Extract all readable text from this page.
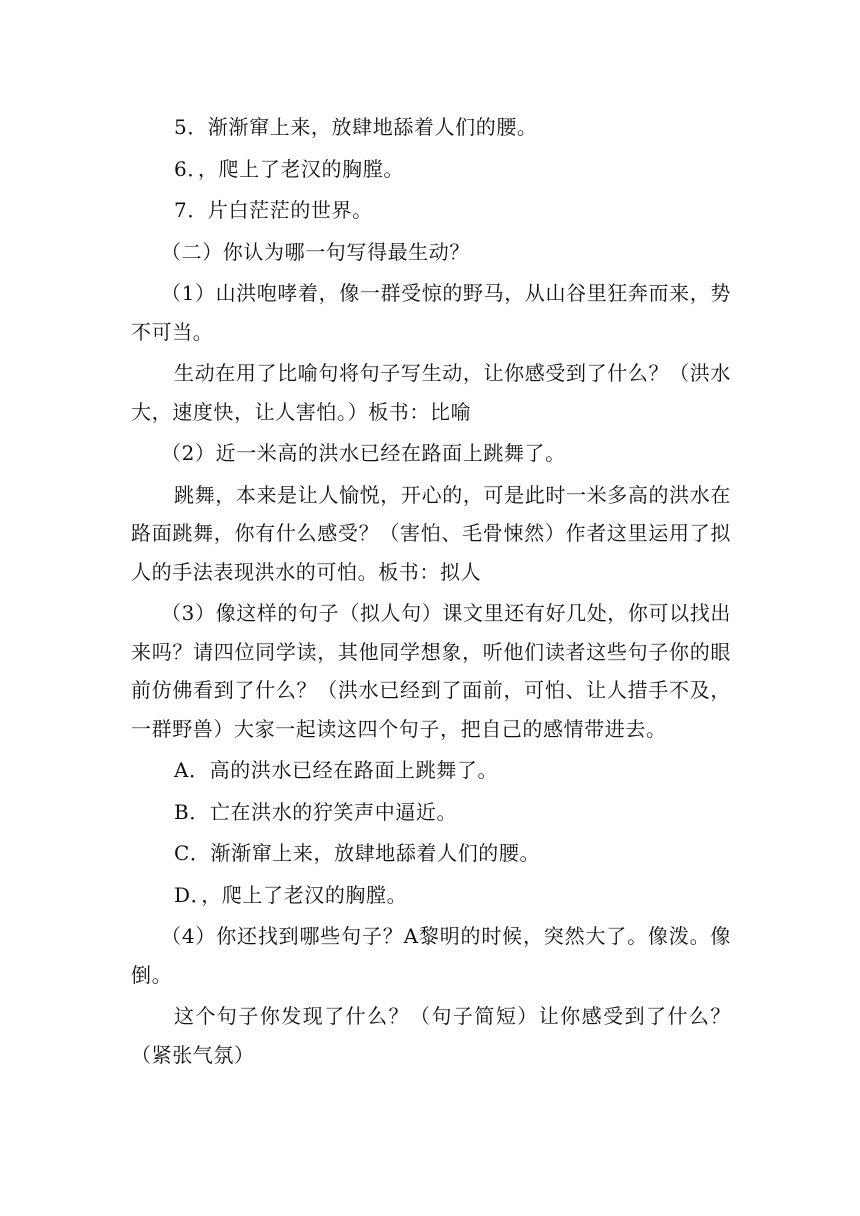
5．渐渐窜上来，放肆地舔着人们的腰。

6．，爬上了老汉的胸膛。

7．片白茫茫的世界。

（二）你认为哪一句写得最生动？

（1）山洪咆哮着，像一群受惊的野马，从山谷里狂奔而来，势不可当。

生动在用了比喻句将句子写生动，让你感受到了什么？（洪水大，速度快，让人害怕。）板书：比喻

（2）近一米高的洪水已经在路面上跳舞了。

跳舞，本来是让人愉悦，开心的，可是此时一米多高的洪水在路面跳舞，你有什么感受？（害怕、毛骨悚然）作者这里运用了拟人的手法表现洪水的可怕。板书：拟人

（3）像这样的句子（拟人句）课文里还有好几处，你可以找出来吗？请四位同学读，其他同学想象，听他们读者这些句子你的眼前仿佛看到了什么？（洪水已经到了面前，可怕、让人措手不及，一群野兽）大家一起读这四个句子，把自己的感情带进去。

A．高的洪水已经在路面上跳舞了。

B．亡在洪水的狞笑声中逼近。

C．渐渐窜上来，放肆地舔着人们的腰。

D．，爬上了老汉的胸膛。

（4）你还找到哪些句子？A黎明的时候，突然大了。像泼。像倒。

这个句子你发现了什么？（句子简短）让你感受到了什么？（紧张气氛）
